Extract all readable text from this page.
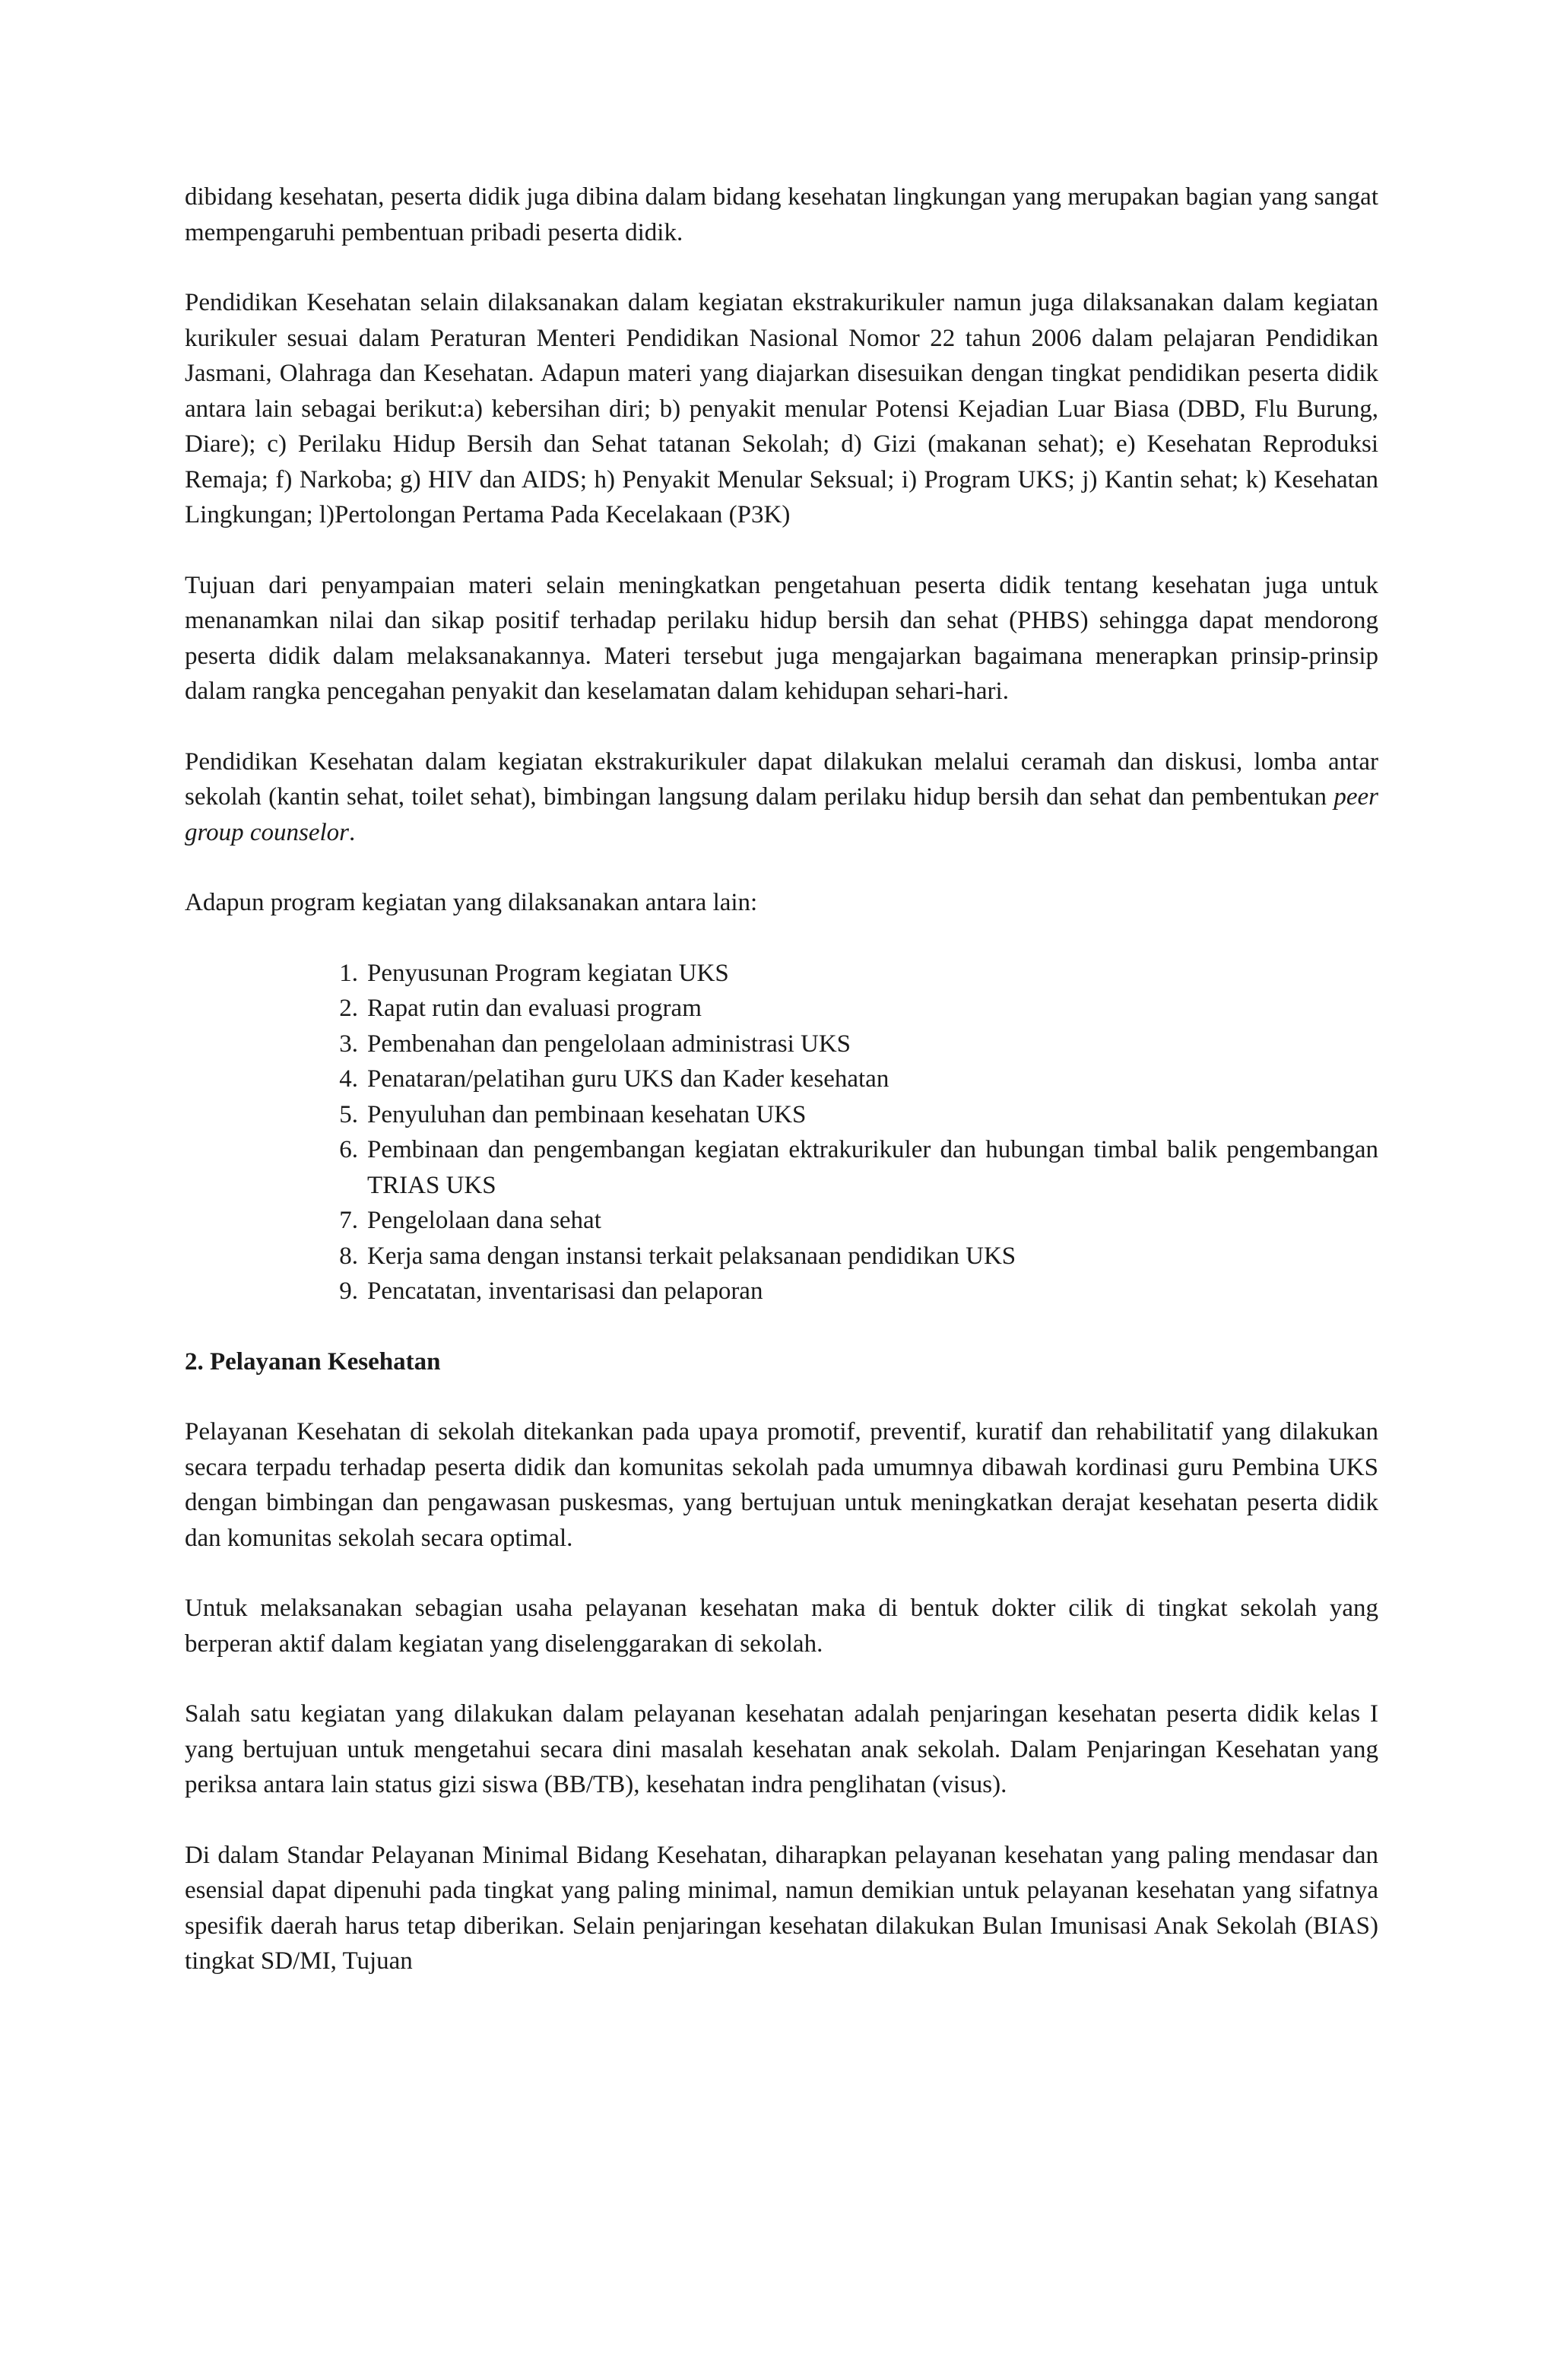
dibidang kesehatan, peserta didik juga dibina dalam bidang kesehatan lingkungan yang merupakan bagian yang sangat mempengaruhi pembentuan pribadi peserta didik.

Pendidikan Kesehatan selain dilaksanakan dalam kegiatan ekstrakurikuler namun juga dilaksanakan dalam kegiatan kurikuler sesuai dalam Peraturan Menteri Pendidikan Nasional Nomor 22 tahun 2006 dalam pelajaran Pendidikan Jasmani, Olahraga dan Kesehatan. Adapun materi yang diajarkan disesuikan dengan tingkat pendidikan peserta didik antara lain sebagai berikut:a) kebersihan diri; b) penyakit menular Potensi Kejadian Luar Biasa (DBD, Flu Burung, Diare); c) Perilaku Hidup Bersih dan Sehat tatanan Sekolah; d) Gizi (makanan sehat); e) Kesehatan Reproduksi Remaja; f) Narkoba; g) HIV dan AIDS; h) Penyakit Menular Seksual; i) Program UKS; j) Kantin sehat; k) Kesehatan Lingkungan; l)Pertolongan Pertama Pada Kecelakaan (P3K)

Tujuan dari penyampaian materi selain meningkatkan pengetahuan peserta didik tentang kesehatan juga untuk menanamkan nilai dan sikap positif terhadap perilaku hidup bersih dan sehat (PHBS) sehingga dapat mendorong peserta didik dalam melaksanakannya. Materi tersebut juga mengajarkan bagaimana menerapkan prinsip-prinsip dalam rangka pencegahan penyakit dan keselamatan dalam kehidupan sehari-hari.

Pendidikan Kesehatan dalam kegiatan ekstrakurikuler dapat dilakukan melalui ceramah dan diskusi, lomba antar sekolah (kantin sehat, toilet sehat), bimbingan langsung dalam perilaku hidup bersih dan sehat dan pembentukan peer group counselor.

Adapun program kegiatan yang dilaksanakan antara lain:

1. Penyusunan Program kegiatan UKS
2. Rapat rutin dan evaluasi program
3. Pembenahan dan pengelolaan administrasi UKS
4. Penataran/pelatihan guru UKS dan Kader kesehatan
5. Penyuluhan dan pembinaan kesehatan UKS
6. Pembinaan dan pengembangan kegiatan ektrakurikuler dan hubungan timbal balik pengembangan TRIAS UKS
7. Pengelolaan dana sehat
8. Kerja sama dengan instansi terkait pelaksanaan pendidikan UKS
9. Pencatatan, inventarisasi dan pelaporan
2. Pelayanan Kesehatan

Pelayanan Kesehatan di sekolah ditekankan pada upaya promotif, preventif, kuratif dan rehabilitatif yang dilakukan secara terpadu terhadap peserta didik dan komunitas sekolah pada umumnya dibawah kordinasi guru Pembina UKS dengan bimbingan dan pengawasan puskesmas, yang bertujuan untuk meningkatkan derajat kesehatan peserta didik dan komunitas sekolah secara optimal.

Untuk melaksanakan sebagian usaha pelayanan kesehatan maka di bentuk dokter cilik di tingkat sekolah yang berperan aktif dalam kegiatan yang diselenggarakan di sekolah.

Salah satu kegiatan yang dilakukan dalam pelayanan kesehatan adalah penjaringan kesehatan peserta didik kelas I yang bertujuan untuk mengetahui secara dini masalah kesehatan anak sekolah. Dalam Penjaringan Kesehatan yang periksa antara lain status gizi siswa (BB/TB), kesehatan indra penglihatan (visus).

Di dalam Standar Pelayanan Minimal Bidang Kesehatan, diharapkan pelayanan kesehatan yang paling mendasar dan esensial dapat dipenuhi pada tingkat yang paling minimal, namun demikian untuk pelayanan kesehatan yang sifatnya spesifik daerah harus tetap diberikan. Selain penjaringan kesehatan dilakukan Bulan Imunisasi Anak Sekolah (BIAS) tingkat SD/MI, Tujuan
